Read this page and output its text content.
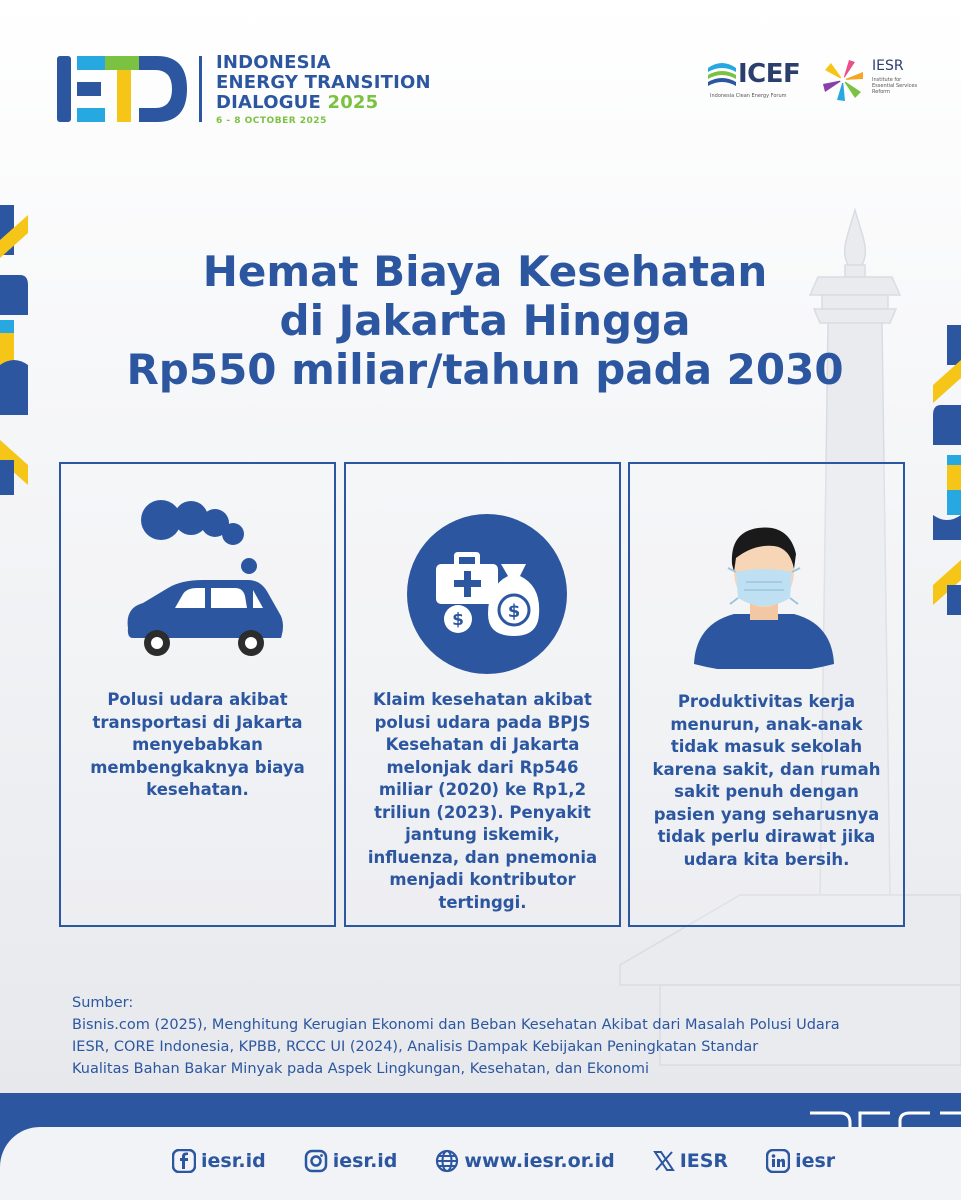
INDONESIA
ENERGY TRANSITION
DIALOGUE 2025
6 - 8 OCTOBER 2025
ICEF
Indonesia Clean Energy Forum
IESR
Institute for Essential Services Reform
Hemat Biaya Kesehatan
di Jakarta Hingga
Rp550 miliar/tahun pada 2030
Polusi udara akibat transportasi di Jakarta menyebabkan membengkaknya biaya kesehatan.
$ $
Klaim kesehatan akibat polusi udara pada BPJS Kesehatan di Jakarta melonjak dari Rp546 miliar (2020) ke Rp1,2 triliun (2023). Penyakit jantung iskemik, influenza, dan pnemonia menjadi kontributor tertinggi.
Produktivitas kerja menurun, anak-anak tidak masuk sekolah karena sakit, dan rumah sakit penuh dengan pasien yang seharusnya tidak perlu dirawat jika udara kita bersih.
Sumber:
Bisnis.com (2025), Menghitung Kerugian Ekonomi dan Beban Kesehatan Akibat dari Masalah Polusi Udara
IESR, CORE Indonesia, KPBB, RCCC UI (2024), Analisis Dampak Kebijakan Peningkatan Standar
Kualitas Bahan Bakar Minyak pada Aspek Lingkungan, Kesehatan, dan Ekonomi
iesr.id	iesr.id	www.iesr.or.id	IESR	iesr
